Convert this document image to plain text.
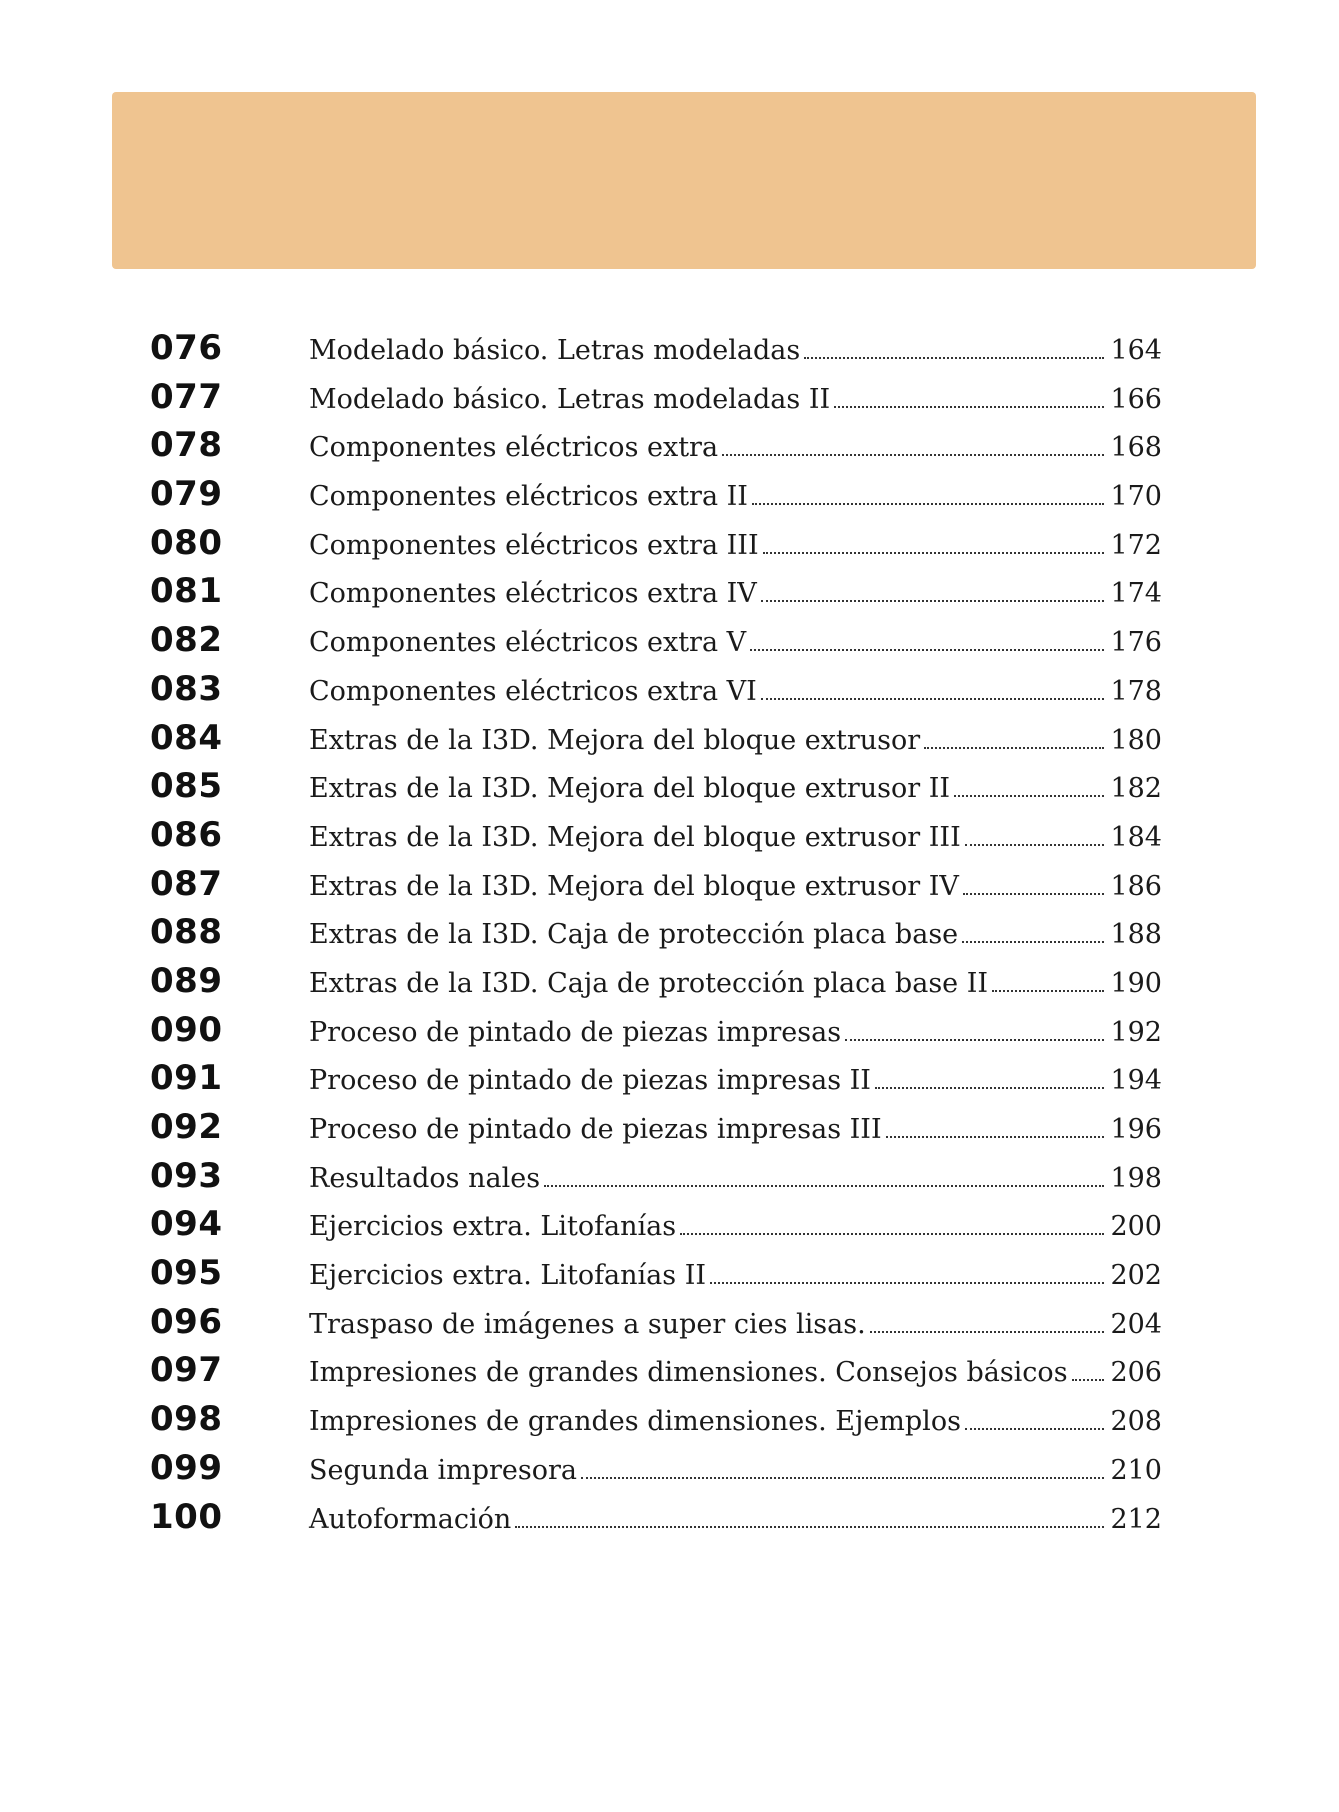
076	Modelado básico. Letras modeladas	164
077	Modelado básico. Letras modeladas II	166
078	Componentes eléctricos extra	168
079	Componentes eléctricos extra II	170
080	Componentes eléctricos extra III	172
081	Componentes eléctricos extra IV	174
082	Componentes eléctricos extra V	176
083	Componentes eléctricos extra VI	178
084	Extras de la I3D. Mejora del bloque extrusor	180
085	Extras de la I3D. Mejora del bloque extrusor II	182
086	Extras de la I3D. Mejora del bloque extrusor III	184
087	Extras de la I3D. Mejora del bloque extrusor IV	186
088	Extras de la I3D. Caja de protección placa base	188
089	Extras de la I3D. Caja de protección placa base II	190
090	Proceso de pintado de piezas impresas	192
091	Proceso de pintado de piezas impresas II	194
092	Proceso de pintado de piezas impresas III	196
093	Resultados nales	198
094	Ejercicios extra. Litofanías	200
095	Ejercicios extra. Litofanías II	202
096	Traspaso de imágenes a super cies lisas.	204
097	Impresiones de grandes dimensiones. Consejos básicos 206
098	Impresiones de grandes dimensiones. Ejemplos	208
099	Segunda impresora	210
100	Autoformación	212
